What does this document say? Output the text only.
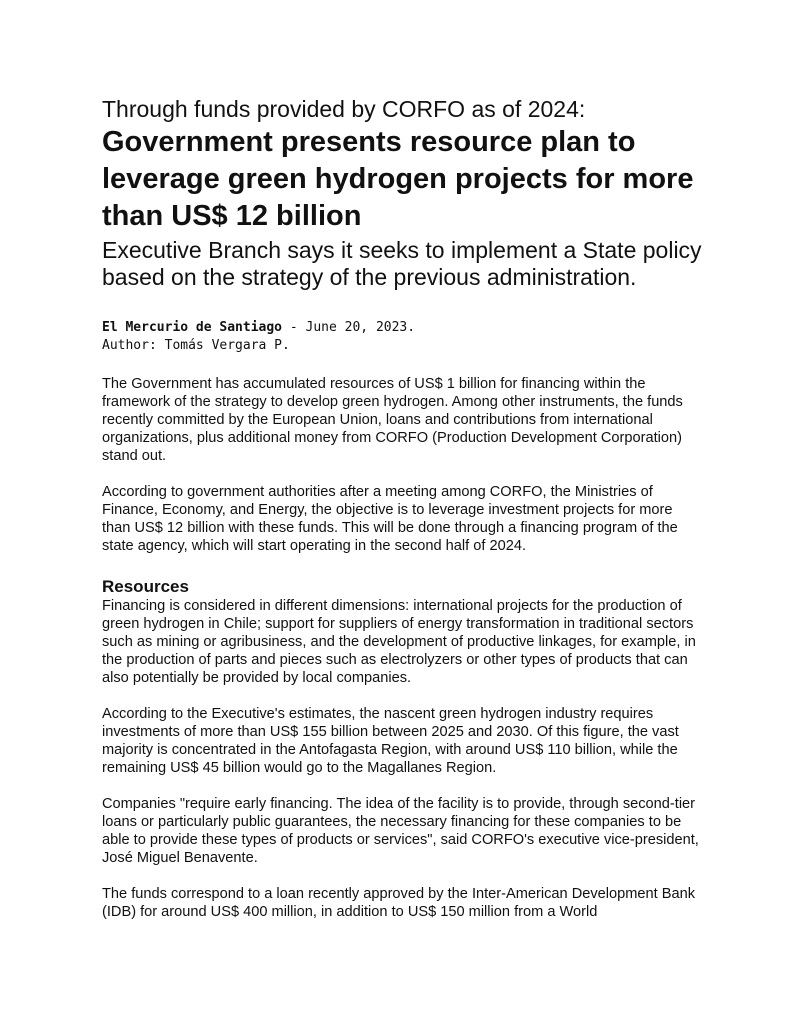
Through funds provided by CORFO as of 2024:
Government presents resource plan to leverage green hydrogen projects for more than US$ 12 billion
Executive Branch says it seeks to implement a State policy based on the strategy of the previous administration.
El Mercurio de Santiago - June 20, 2023.
Author: Tomás Vergara P.

The Government has accumulated resources of US$ 1 billion for financing within the framework of the strategy to develop green hydrogen. Among other instruments, the funds recently committed by the European Union, loans and contributions from international organizations, plus additional money from CORFO (Production Development Corporation) stand out.

According to government authorities after a meeting among CORFO, the Ministries of Finance, Economy, and Energy, the objective is to leverage investment projects for more than US$ 12 billion with these funds. This will be done through a financing program of the state agency, which will start operating in the second half of 2024.

Resources

Financing is considered in different dimensions: international projects for the production of green hydrogen in Chile; support for suppliers of energy transformation in traditional sectors such as mining or agribusiness, and the development of productive linkages, for example, in the production of parts and pieces such as electrolyzers or other types of products that can also potentially be provided by local companies.

According to the Executive's estimates, the nascent green hydrogen industry requires investments of more than US$ 155 billion between 2025 and 2030. Of this figure, the vast majority is concentrated in the Antofagasta Region, with around US$ 110 billion, while the remaining US$ 45 billion would go to the Magallanes Region.

Companies "require early financing. The idea of the facility is to provide, through second-tier loans or particularly public guarantees, the necessary financing for these companies to be able to provide these types of products or services", said CORFO's executive vice-president, José Miguel Benavente.

The funds correspond to a loan recently approved by the Inter-American Development Bank (IDB) for around US$ 400 million, in addition to US$ 150 million from a World
